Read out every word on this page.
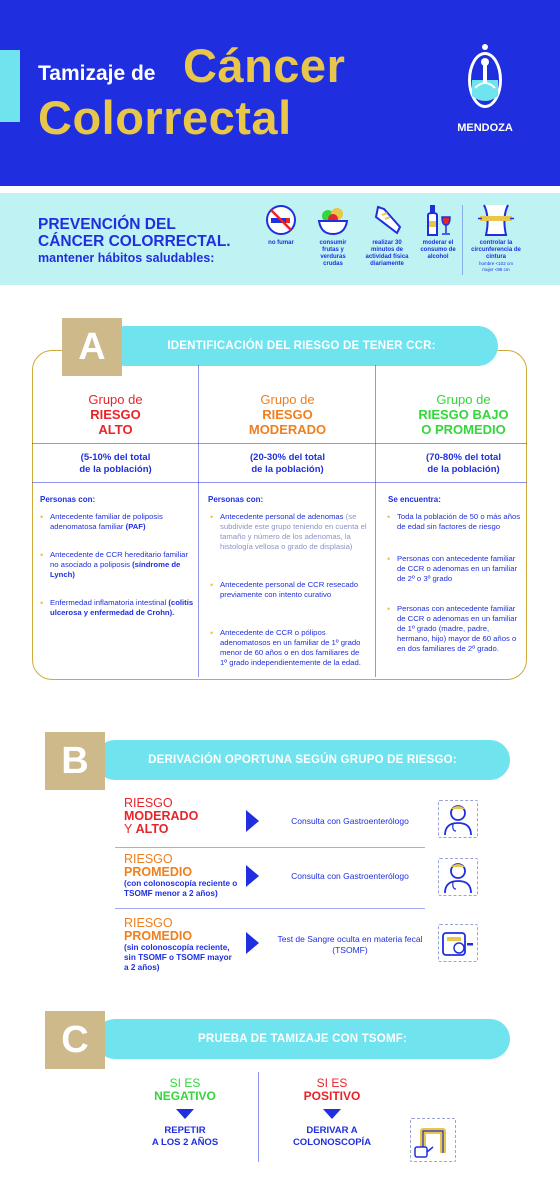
Tamizaje de Cáncer
Colorrectal	MENDOZA
PREVENCIÓN DEL
CÁNCER COLORRECTAL.
mantener hábitos saludables:
no fumar	consumir frutas y verduras crudas
realizar 30 minutos de actividad física diariamente
moderar el consumo de alcohol
controlar la circunferencia de cintura
hombre <102 cm
mujer <88 cm
IDENTIFICACIÓN DEL RIESGO DE TENER CCR:
A
Grupo de
RIESGO
ALTO
(5-10% del total
de la población)
Personas con:
• Antecedente familiar de poliposis adenomatosa familiar (PAF)
• Antecedente de CCR hereditario familiar no asociado a poliposis (síndrome de Lynch)
• Enfermedad inflamatoria intestinal (colitis ulcerosa y enfermedad de Crohn).
Grupo de
RIESGO
MODERADO
(20-30% del total
de la población)
Personas con:
• Antecedente personal de adenomas (se subdivide este grupo teniendo en cuenta el tamaño y número de los adenomas, la histología vellosa o grado de displasia)
• Antecedente personal de CCR resecado previamente con intento curativo
• Antecedente de CCR o pólipos adenomatosos en un familiar de 1º grado menor de 60 años o en dos familiares de 1º grado independientemente de la edad.
Grupo de
RIESGO BAJO
O PROMEDIO
(70-80% del total
de la población)
Se encuentra:
• Toda la población de 50 o más años de edad sin factores de riesgo
• Personas con antecedente familiar de CCR o adenomas en un familiar de 2º o 3º grado
• Personas con antecedente familiar de CCR o adenomas en un familiar de 1º grado (madre, padre, hermano, hijo) mayor de 60 años o en dos familiares de 2º grado.
DERIVACIÓN OPORTUNA SEGÚN GRUPO DE RIESGO:
B
RIESGO
MODERADO
Y ALTO
Consulta con Gastroenterólogo
RIESGO
PROMEDIO
(con colonoscopía reciente o TSOMF menor a 2 años)
Consulta con Gastroenterólogo
RIESGO
PROMEDIO
(sin colonoscopía reciente, sin TSOMF o TSOMF mayor a 2 años)
Test de Sangre oculta en materia fecal (TSOMF)
PRUEBA DE TAMIZAJE CON TSOMF:
C
SI ES
NEGATIVO
REPETIR
A LOS 2 AÑOS
SI ES
POSITIVO
DERIVAR A
COLONOSCOPÍA
